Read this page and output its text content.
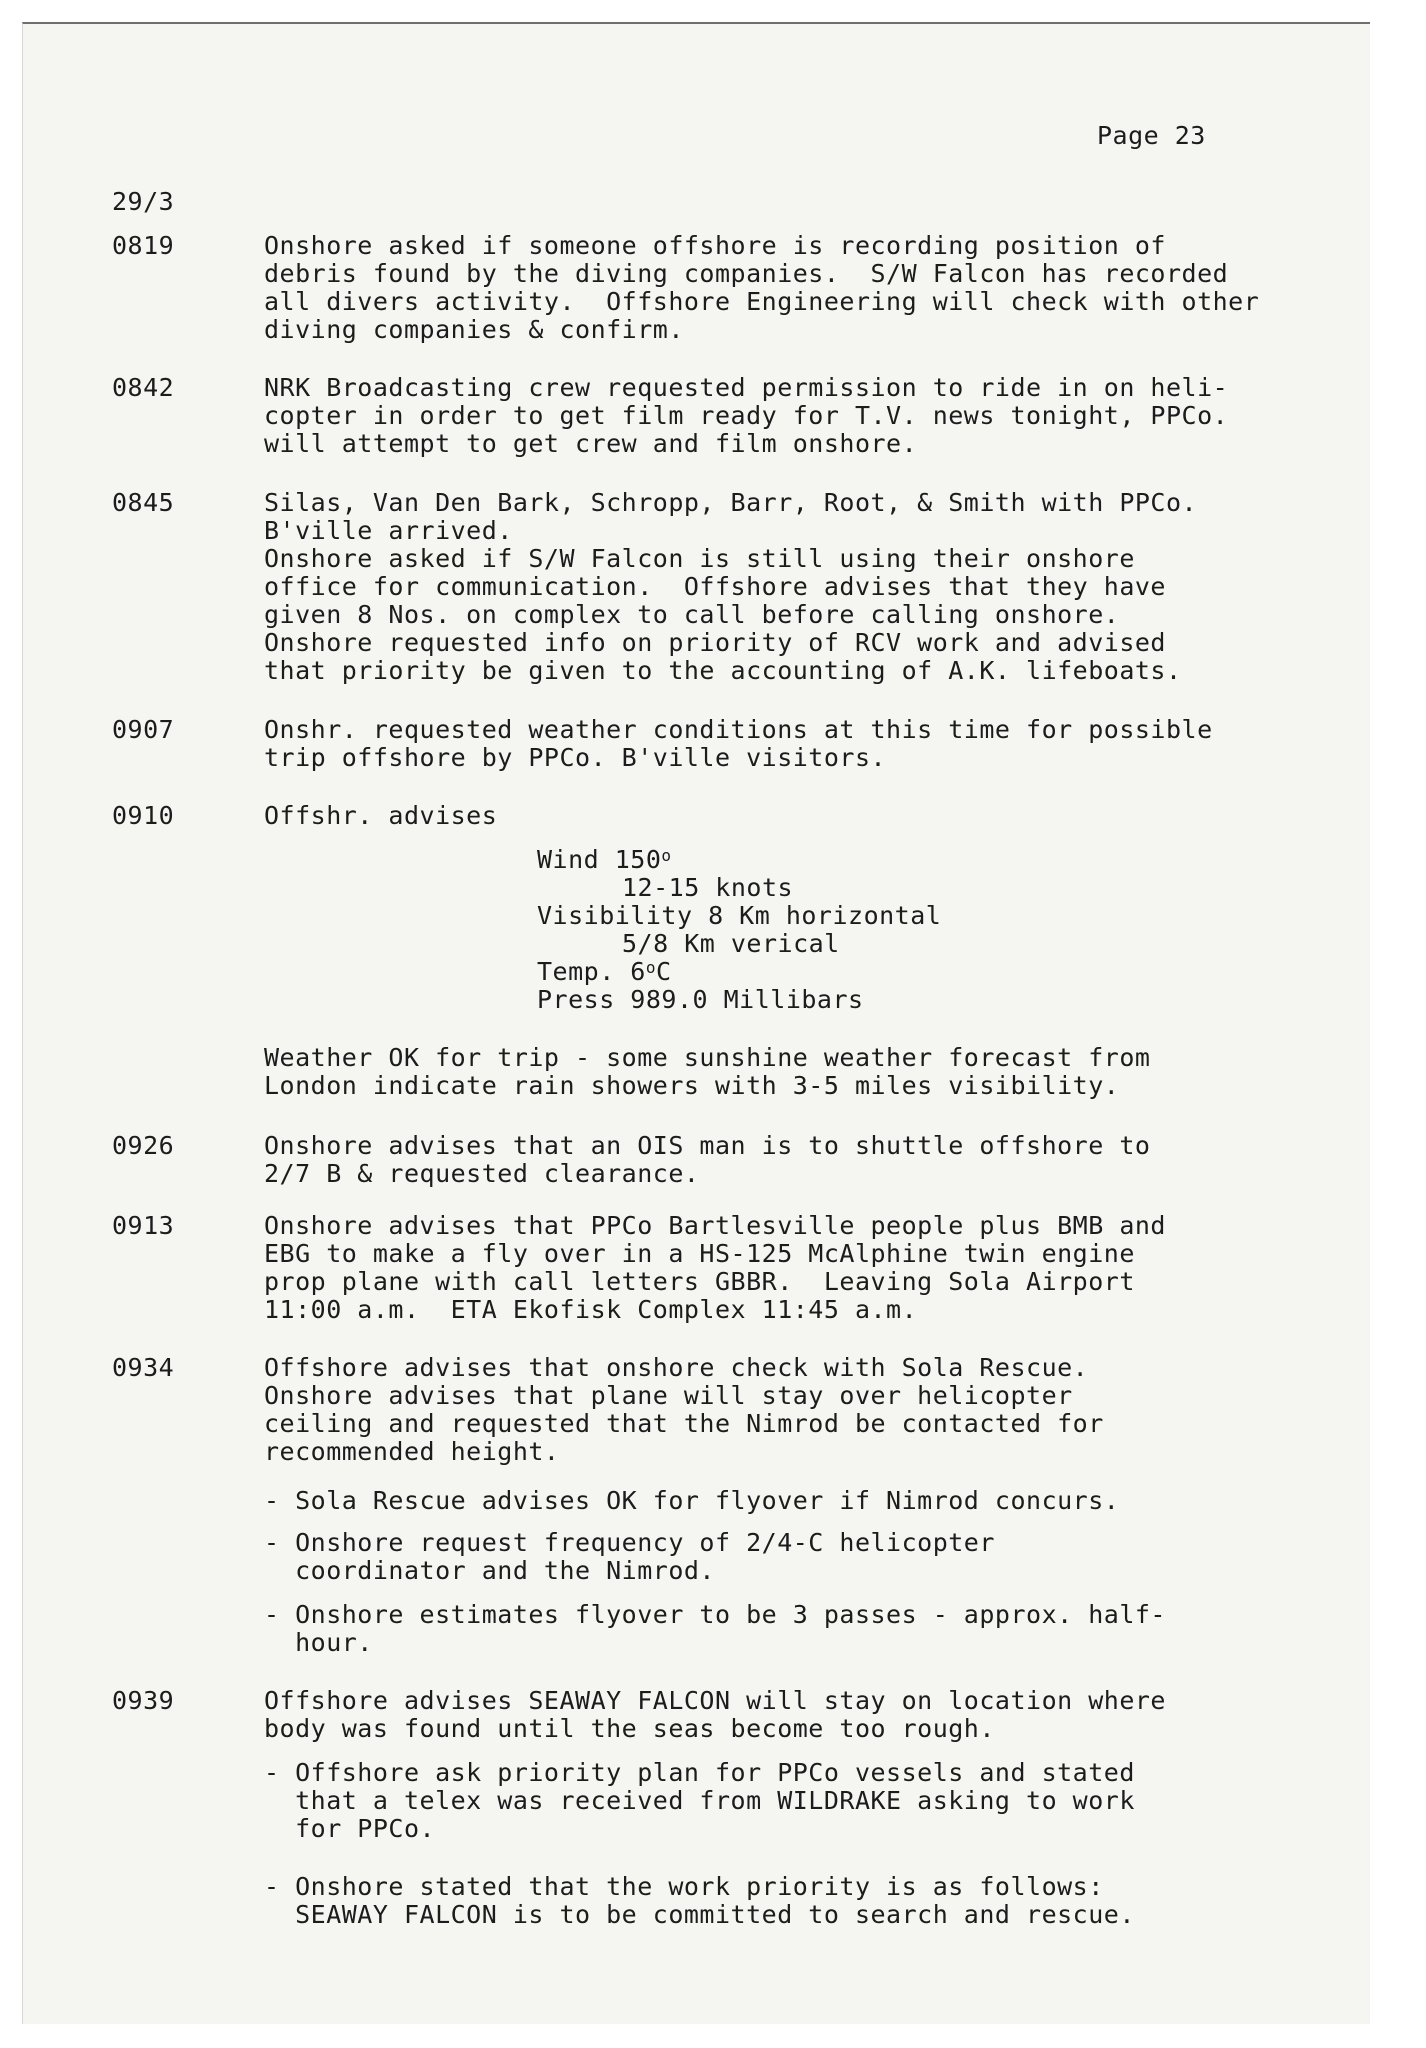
Page 23
29/3
0819	Onshore asked if someone offshore is recording position of
debris found by the diving companies.  S/W Falcon has recorded
all divers activity.  Offshore Engineering will check with other
diving companies & confirm.
0842	NRK Broadcasting crew requested permission to ride in on heli-
copter in order to get film ready for T.V. news tonight, PPCo.
will attempt to get crew and film onshore.
0845	Silas, Van Den Bark, Schropp, Barr, Root, & Smith with PPCo.
B'ville arrived.
Onshore asked if S/W Falcon is still using their onshore
office for communication.  Offshore advises that they have
given 8 Nos. on complex to call before calling onshore.
Onshore requested info on priority of RCV work and advised
that priority be given to the accounting of A.K. lifeboats.
0907	Onshr. requested weather conditions at this time for possible
trip offshore by PPCo. B'ville visitors.
0910	Offshr. advises
Wind 150$^o$
12-15 knots
Visibility 8 Km horizontal
5/8 Km verical
Temp. 6$^o$C
Press 989.0 Millibars
Weather OK for trip - some sunshine weather forecast from
London indicate rain showers with 3-5 miles visibility.
0926	Onshore advises that an OIS man is to shuttle offshore to
2/7 B & requested clearance.
0913	Onshore advises that PPCo Bartlesville people plus BMB and
EBG to make a fly over in a HS-125 McAlphine twin engine
prop plane with call letters GBBR.  Leaving Sola Airport
11:00 a.m.  ETA Ekofisk Complex 11:45 a.m.
0934	Offshore advises that onshore check with Sola Rescue.
Onshore advises that plane will stay over helicopter
ceiling and requested that the Nimrod be contacted for
recommended height.
- Sola Rescue advises OK for flyover if Nimrod concurs.
- Onshore request frequency of 2/4-C helicopter
coordinator and the Nimrod.
- Onshore estimates flyover to be 3 passes - approx. half-
hour.
0939	Offshore advises SEAWAY FALCON will stay on location where
body was found until the seas become too rough.
- Offshore ask priority plan for PPCo vessels and stated
that a telex was received from WILDRAKE asking to work
for PPCo.
- Onshore stated that the work priority is as follows:
SEAWAY FALCON is to be committed to search and rescue.
